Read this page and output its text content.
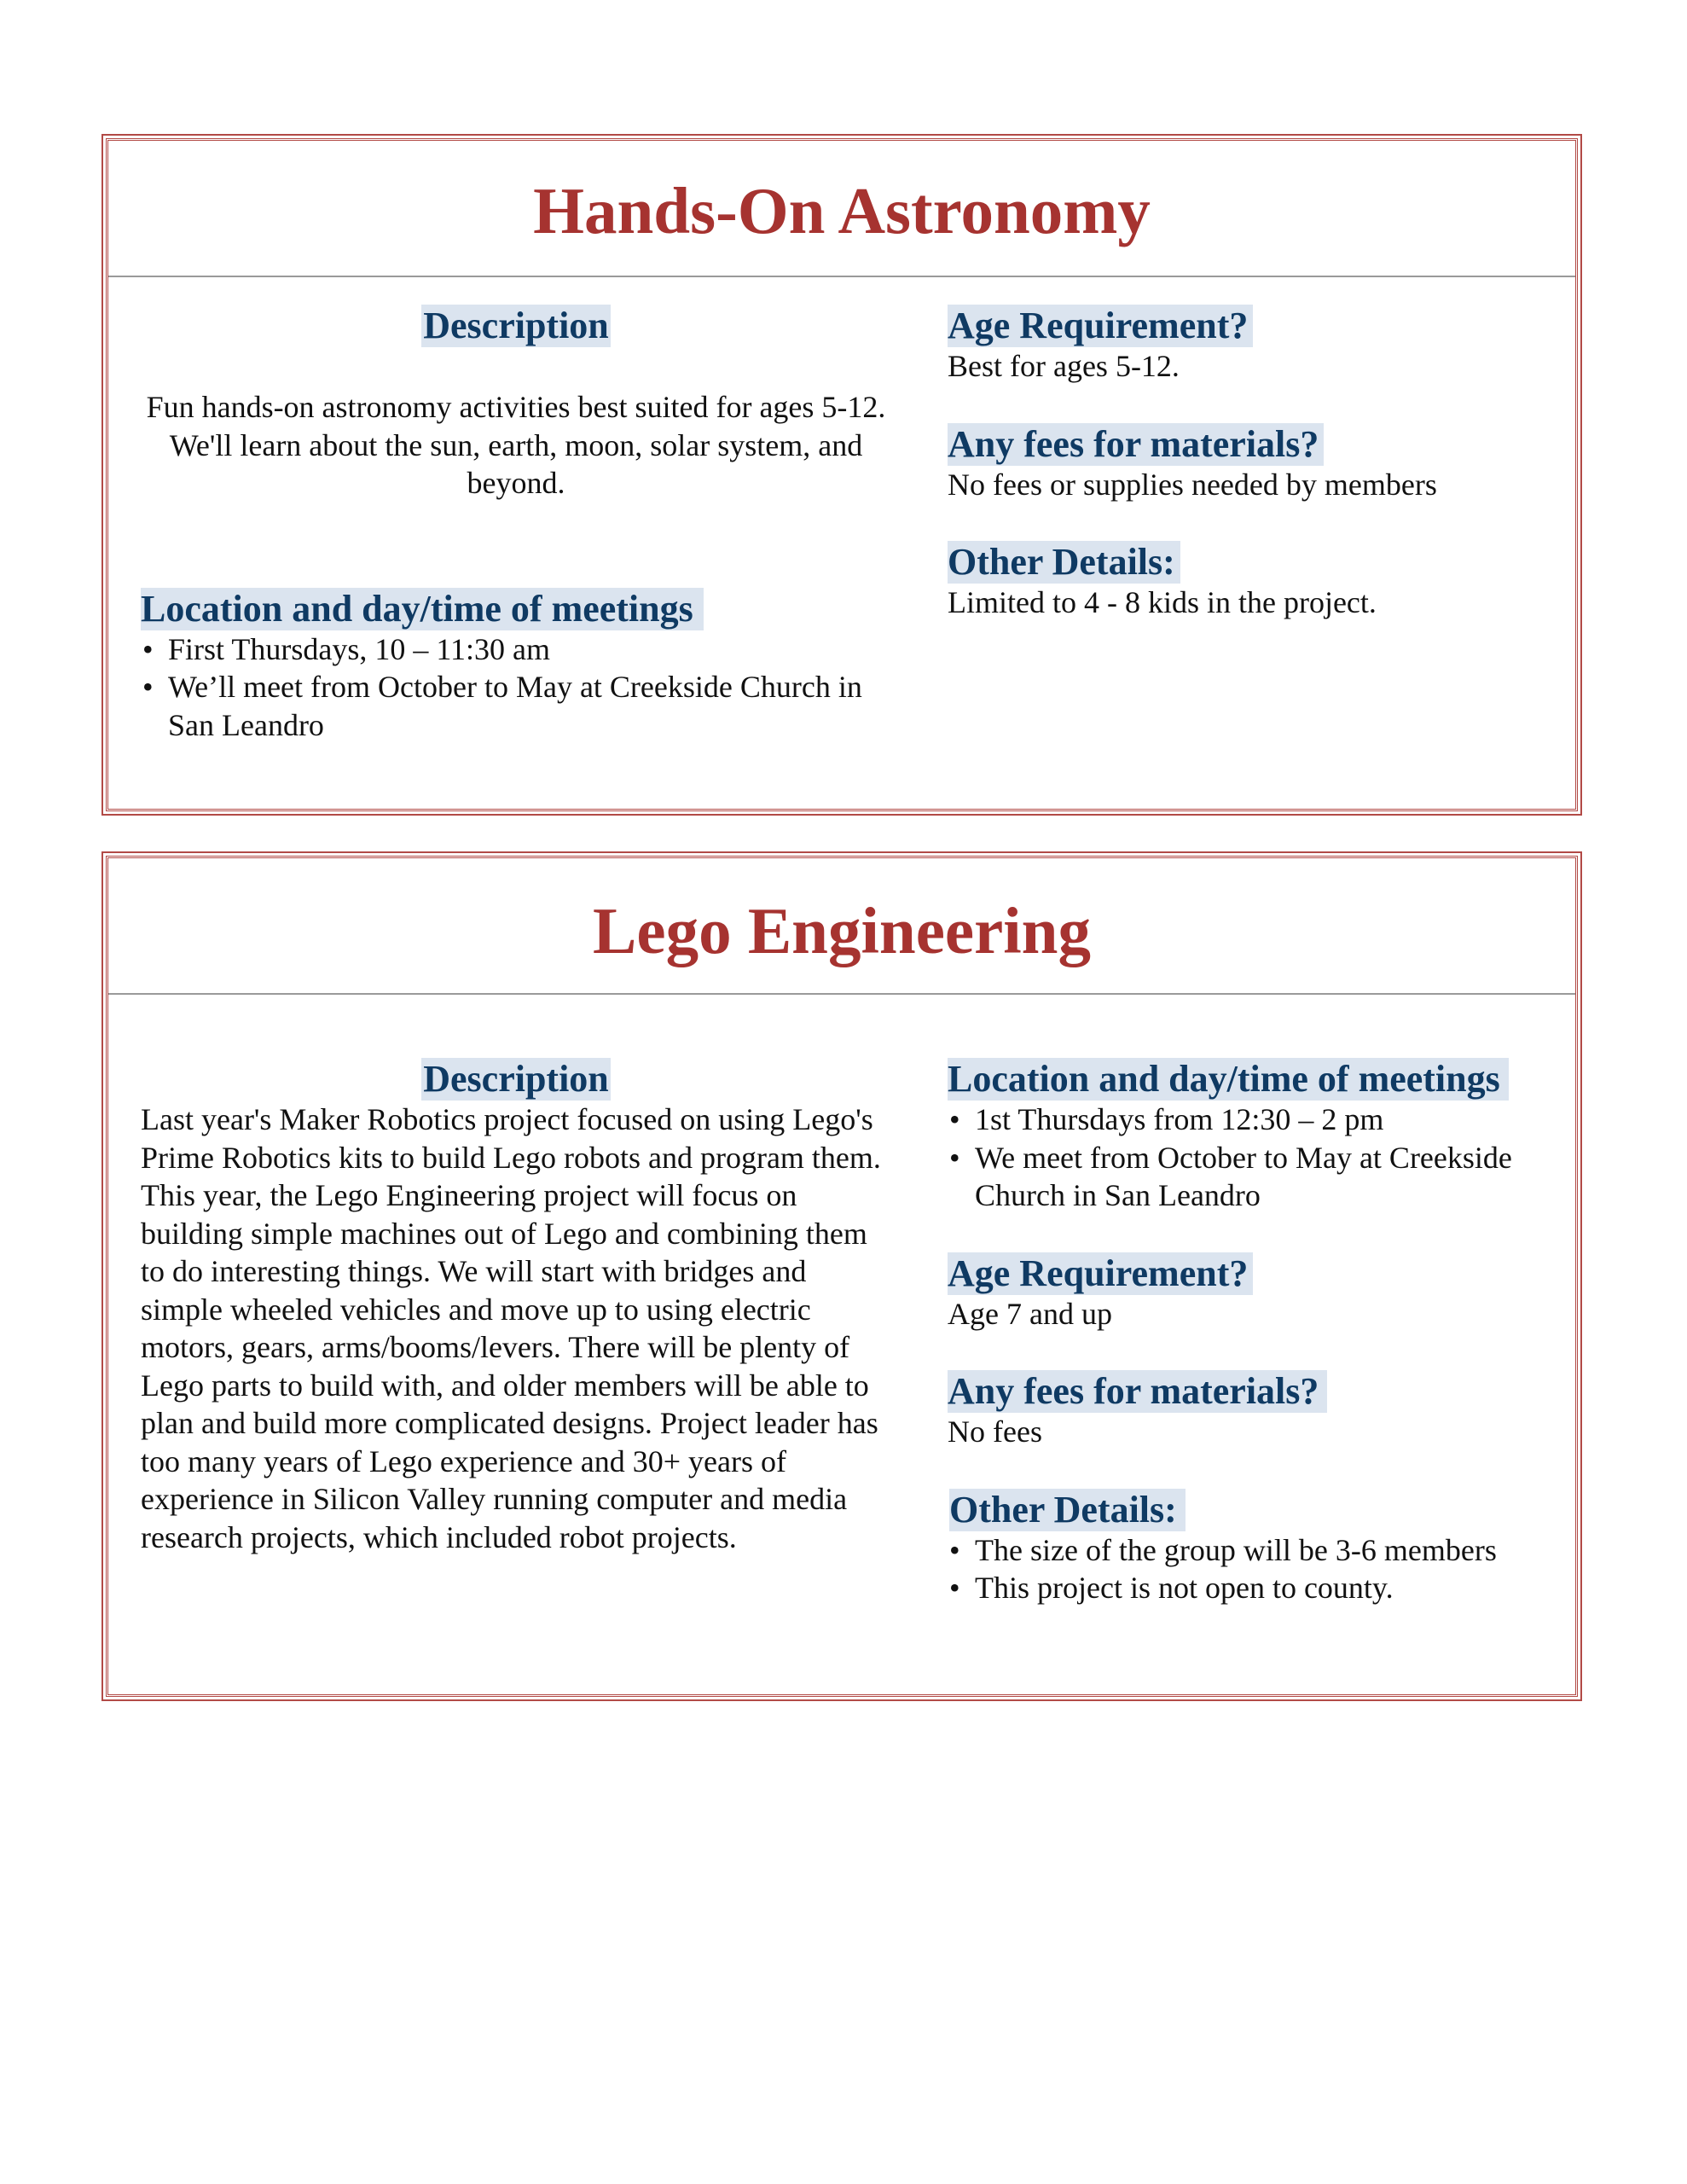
Hands-On Astronomy
Description

Fun hands-on astronomy activities best suited for ages 5-12. We'll learn about the sun, earth, moon, solar system, and beyond.

Location and day/time of meetings
• First Thursdays, 10 – 11:30 am
• We’ll meet from October to May at Creekside Church in San Leandro
Age Requirement?

Best for ages 5-12.

Any fees for materials?

No fees or supplies needed by members

Other Details:

Limited to 4 - 8 kids in the project.

Lego Engineering
Description

Last year's Maker Robotics project focused on using Lego's Prime Robotics kits to build Lego robots and program them. This year, the Lego Engineering project will focus on building simple machines out of Lego and combining them to do interesting things. We will start with bridges and simple wheeled vehicles and move up to using electric motors, gears, arms/booms/levers. There will be plenty of Lego parts to build with, and older members will be able to plan and build more complicated designs. Project leader has too many years of Lego experience and 30+ years of experience in Silicon Valley running computer and media research projects, which included robot projects.

Location and day/time of meetings
• 1st Thursdays from 12:30 – 2 pm
• We meet from October to May at Creekside Church in San Leandro
Age Requirement?

Age 7 and up

Any fees for materials?

No fees

Other Details:
• The size of the group will be 3-6 members
• This project is not open to county.
